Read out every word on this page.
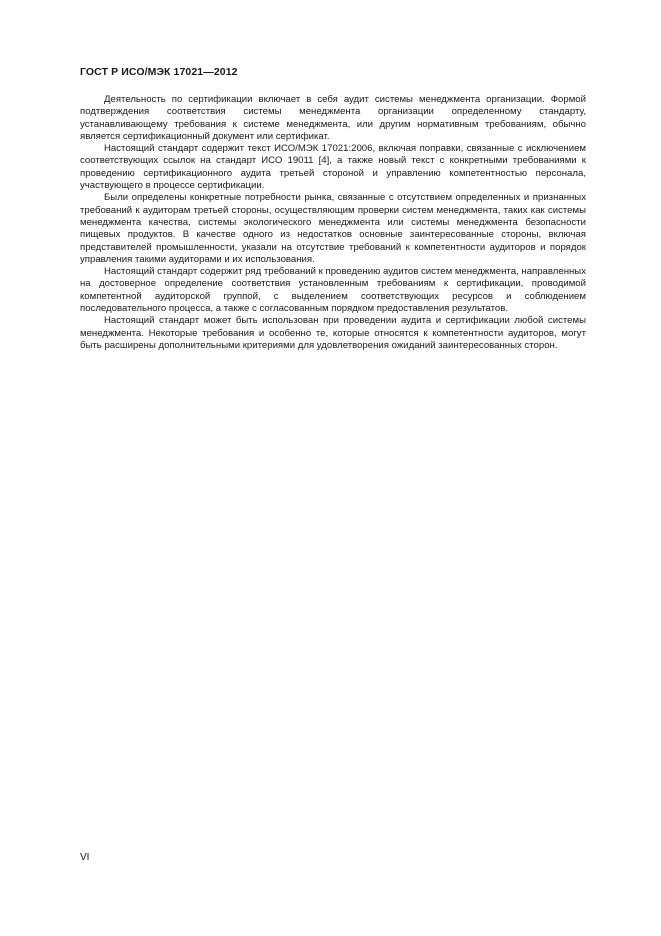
ГОСТ Р ИСО/МЭК 17021—2012

Деятельность по сертификации включает в себя аудит системы менеджмента организации. Формой подтверждения соответствия системы менеджмента организации определенному стандарту, устанавливающему требования к системе менеджмента, или другим нормативным требованиям, обычно является сертификационный документ или сертификат.

Настоящий стандарт содержит текст ИСО/МЭК 17021:2006, включая поправки, связанные с исключением соответствующих ссылок на стандарт ИСО 19011 [4], а также новый текст с конкретными требованиями к проведению сертификационного аудита третьей стороной и управлению компетентностью персонала, участвующего в процессе сертификации.

Были определены конкретные потребности рынка, связанные с отсутствием определенных и признанных требований к аудиторам третьей стороны, осуществляющим проверки систем менеджмента, таких как системы менеджмента качества, системы экологического менеджмента или системы менеджмента безопасности пищевых продуктов. В качестве одного из недостатков основные заинтересованные стороны, включая представителей промышленности, указали на отсутствие требований к компетентности аудиторов и порядок управления такими аудиторами и их использования.

Настоящий стандарт содержит ряд требований к проведению аудитов систем менеджмента, направленных на достоверное определение соответствия установленным требованиям к сертификации, проводимой компетентной аудиторской группой, с выделением соответствующих ресурсов и соблюдением последовательного процесса, а также с согласованным порядком предоставления результатов.

Настоящий стандарт может быть использован при проведении аудита и сертификации любой системы менеджмента. Некоторые требования и особенно те, которые относятся к компетентности аудиторов, могут быть расширены дополнительными критериями для удовлетворения ожиданий заинтересованных сторон.

VI
